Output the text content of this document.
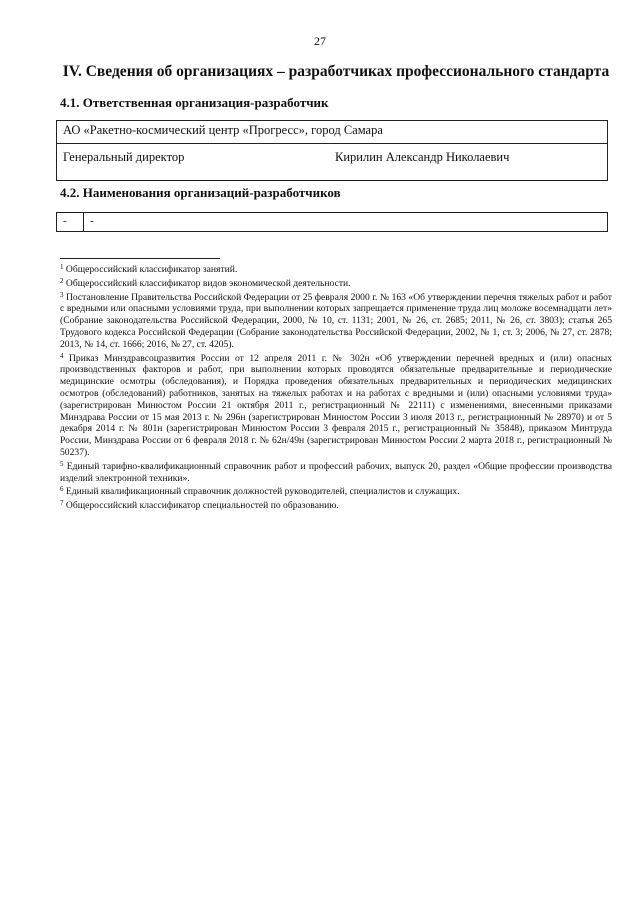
27
IV. Сведения об организациях – разработчиках профессионального стандарта
4.1. Ответственная организация-разработчик
АО «Ракетно-космический центр «Прогресс», город Самара
Генеральный директор	Кирилин Александр Николаевич
4.2. Наименования организаций-разработчиков
-	-

$^1$ Общероссийский классификатор занятий.

$^2$ Общероссийский классификатор видов экономической деятельности.

$^3$ Постановление Правительства Российской Федерации от 25 февраля 2000 г. № 163 «Об утверждении перечня тяжелых работ и работ с вредными или опасными условиями труда, при выполнении которых запрещается применение труда лиц моложе восемнадцати лет» (Собрание законодательства Российской Федерации, 2000, № 10, ст. 1131; 2001, № 26, ст. 2685; 2011, № 26, ст. 3803); статья 265 Трудового кодекса Российской Федерации (Собрание законодательства Российской Федерации, 2002, № 1, ст. 3; 2006, № 27, ст. 2878; 2013, № 14, ст. 1666; 2016, № 27, ст. 4205).

$^4$ Приказ Минздравсоцразвития России от 12 апреля 2011 г. № 302н «Об утверждении перечней вредных и (или) опасных производственных факторов и работ, при выполнении которых проводятся обязательные предварительные и периодические медицинские осмотры (обследования), и Порядка проведения обязательных предварительных и периодических медицинских осмотров (обследований) работников, занятых на тяжелых работах и на работах с вредными и (или) опасными условиями труда» (зарегистрирован Минюстом России 21 октября 2011 г., регистрационный № 22111) с изменениями, внесенными приказами Минздрава России от 15 мая 2013 г. № 296н (зарегистрирован Минюстом России 3 июля 2013 г., регистрационный № 28970) и от 5 декабря 2014 г. № 801н (зарегистрирован Минюстом России 3 февраля 2015 г., регистрационный № 35848), приказом Минтруда России, Минздрава России от 6 февраля 2018 г. № 62н/49н (зарегистрирован Минюстом России 2 марта 2018 г., регистрационный № 50237).

$^5$ Единый тарифно-квалификационный справочник работ и профессий рабочих, выпуск 20, раздел «Общие профессии производства изделий электронной техники».

$^6$ Единый квалификационный справочник должностей руководителей, специалистов и служащих.

$^7$ Общероссийский классификатор специальностей по образованию.
